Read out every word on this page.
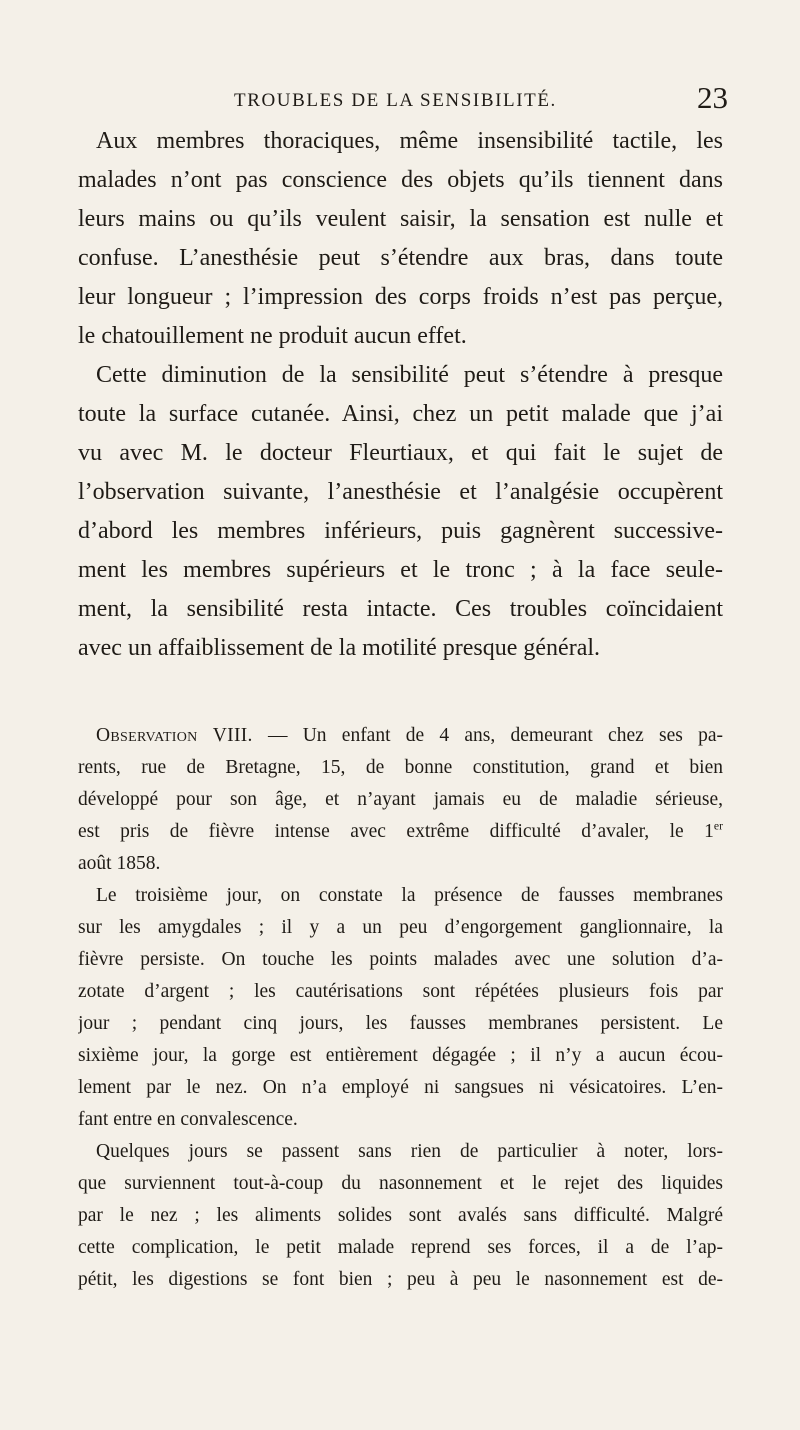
TROUBLES DE LA SENSIBILITÉ.	23
Aux membres thoraciques, même insensibilité tactile, les
malades n’ont pas conscience des objets qu’ils tiennent dans
leurs mains ou qu’ils veulent saisir, la sensation est nulle et
confuse. L’anesthésie peut s’étendre aux bras, dans toute
leur longueur ; l’impression des corps froids n’est pas perçue,
le chatouillement ne produit aucun effet.
Cette diminution de la sensibilité peut s’étendre à presque
toute la surface cutanée. Ainsi, chez un petit malade que j’ai
vu avec M. le docteur Fleurtiaux, et qui fait le sujet de
l’observation suivante, l’anesthésie et l’analgésie occupèrent
d’abord les membres inférieurs, puis gagnèrent successive-
ment les membres supérieurs et le tronc ; à la face seule-
ment, la sensibilité resta intacte. Ces troubles coïncidaient
avec un affaiblissement de la motilité presque général.
Observation VIII. — Un enfant de 4 ans, demeurant chez ses pa-
rents, rue de Bretagne, 15, de bonne constitution, grand et bien
développé pour son âge, et n’ayant jamais eu de maladie sérieuse,
est pris de fièvre intense avec extrême difficulté d’avaler, le 1er
août 1858.
Le troisième jour, on constate la présence de fausses membranes
sur les amygdales ; il y a un peu d’engorgement ganglionnaire, la
fièvre persiste. On touche les points malades avec une solution d’a-
zotate d’argent ; les cautérisations sont répétées plusieurs fois par
jour ; pendant cinq jours, les fausses membranes persistent. Le
sixième jour, la gorge est entièrement dégagée ; il n’y a aucun écou-
lement par le nez. On n’a employé ni sangsues ni vésicatoires. L’en-
fant entre en convalescence.
Quelques jours se passent sans rien de particulier à noter, lors-
que surviennent tout-à-coup du nasonnement et le rejet des liquides
par le nez ; les aliments solides sont avalés sans difficulté. Malgré
cette complication, le petit malade reprend ses forces, il a de l’ap-
pétit, les digestions se font bien ; peu à peu le nasonnement est de-
